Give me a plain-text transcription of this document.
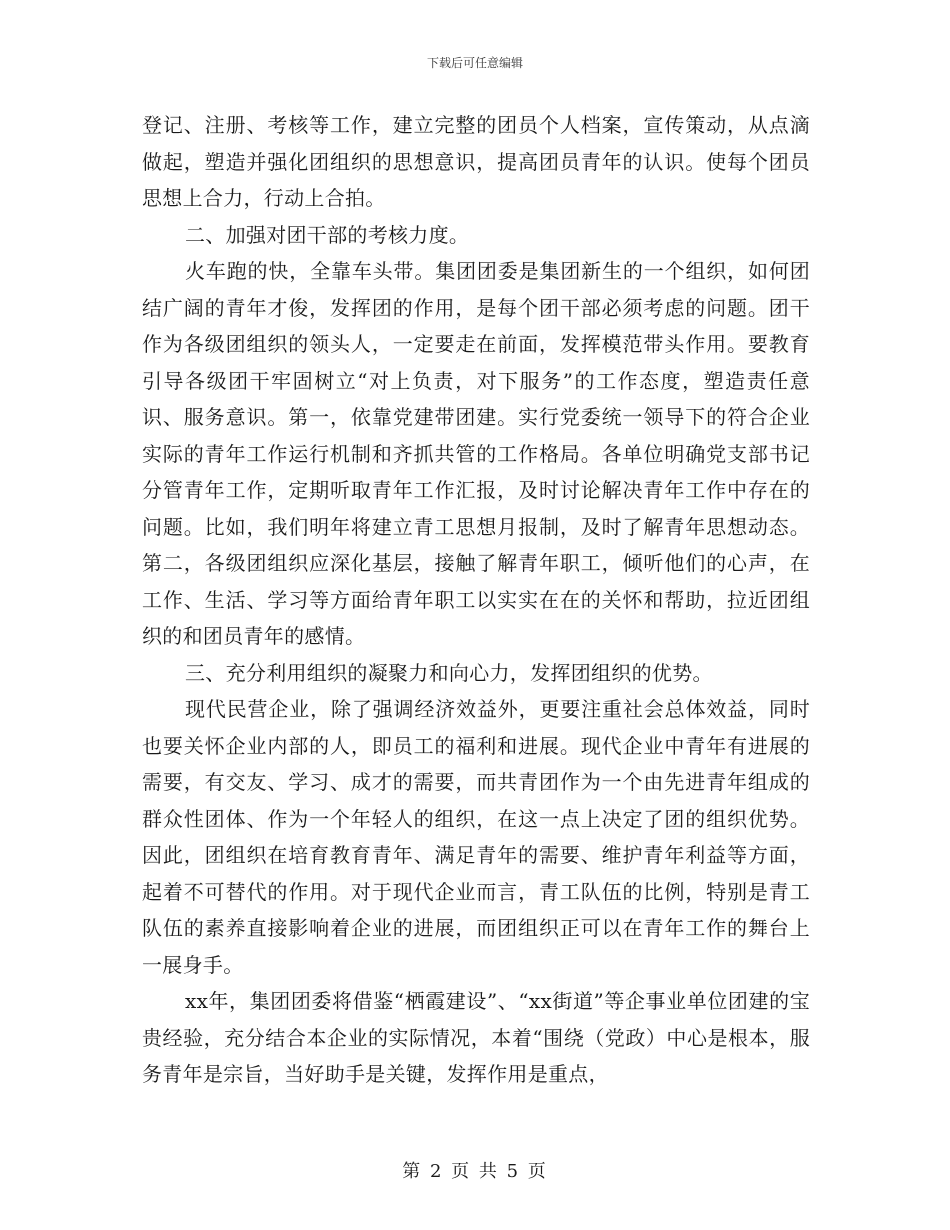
下载后可任意编辑

登记、注册、考核等工作，建立完整的团员个人档案，宣传策动，从点滴做起，塑造并强化团组织的思想意识，提高团员青年的认识。使每个团员思想上合力，行动上合拍。

二、加强对团干部的考核力度。

火车跑的快，全靠车头带。集团团委是集团新生的一个组织，如何团结广阔的青年才俊，发挥团的作用，是每个团干部必须考虑的问题。团干作为各级团组织的领头人，一定要走在前面，发挥模范带头作用。要教育引导各级团干牢固树立“对上负责，对下服务”的工作态度，塑造责任意识、服务意识。第一，依靠党建带团建。实行党委统一领导下的符合企业实际的青年工作运行机制和齐抓共管的工作格局。各单位明确党支部书记分管青年工作，定期听取青年工作汇报，及时讨论解决青年工作中存在的问题。比如，我们明年将建立青工思想月报制，及时了解青年思想动态。第二，各级团组织应深化基层，接触了解青年职工，倾听他们的心声，在工作、生活、学习等方面给青年职工以实实在在的关怀和帮助，拉近团组织的和团员青年的感情。

三、充分利用组织的凝聚力和向心力，发挥团组织的优势。

现代民营企业，除了强调经济效益外，更要注重社会总体效益，同时也要关怀企业内部的人，即员工的福利和进展。现代企业中青年有进展的需要，有交友、学习、成才的需要，而共青团作为一个由先进青年组成的群众性团体、作为一个年轻人的组织，在这一点上决定了团的组织优势。因此，团组织在培育教育青年、满足青年的需要、维护青年利益等方面，起着不可替代的作用。对于现代企业而言，青工队伍的比例，特别是青工队伍的素养直接影响着企业的进展，而团组织正可以在青年工作的舞台上一展身手。

xx年，集团团委将借鉴“栖霞建设”、“xx街道”等企事业单位团建的宝贵经验，充分结合本企业的实际情况，本着“围绕（党政）中心是根本，服务青年是宗旨，当好助手是关键，发挥作用是重点，

第 2 页 共 5 页
